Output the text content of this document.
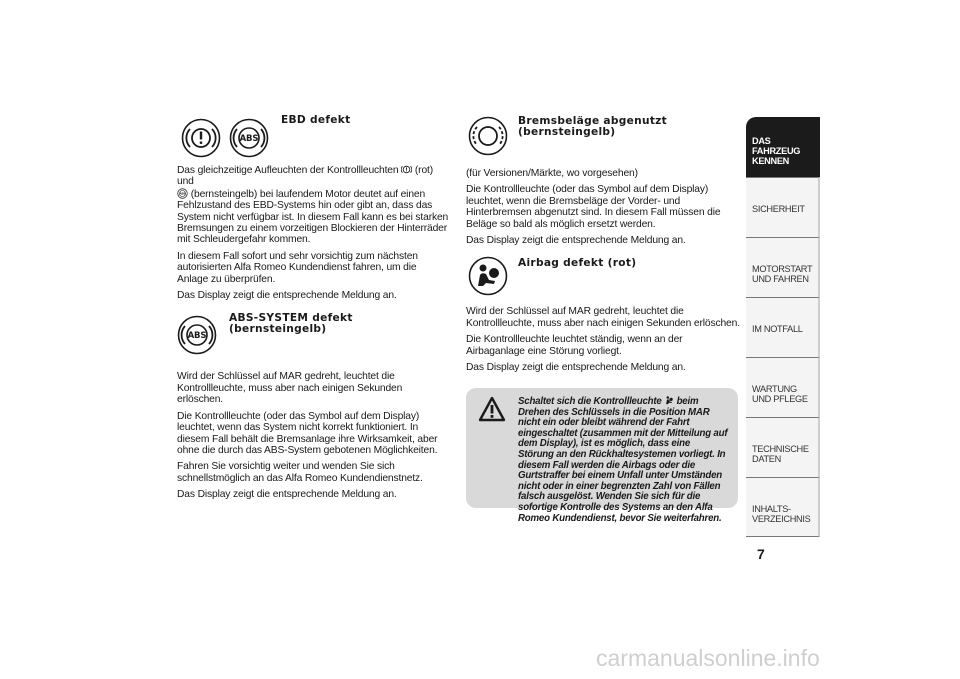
ABS
EBD defekt

Das gleichzeitige Aufleuchten der Kontrollleuchten (rot) und

ABS (bernsteingelb) bei laufendem Motor deutet auf einen Fehlzustand des EBD-Systems hin oder gibt an, dass das System nicht verfügbar ist. In diesem Fall kann es bei starken Bremsungen zu einem vorzeitigen Blockieren der Hinterräder mit Schleudergefahr kommen.

In diesem Fall sofort und sehr vorsichtig zum nächsten autorisierten Alfa Romeo Kundendienst fahren, um die Anlage zu überprüfen.

Das Display zeigt die entsprechende Meldung an.

ABS
ABS-SYSTEM defekt
(bernsteingelb)

Wird der Schlüssel auf MAR gedreht, leuchtet die Kontrollleuchte, muss aber nach einigen Sekunden erlöschen.

Die Kontrollleuchte (oder das Symbol auf dem Display) leuchtet, wenn das System nicht korrekt funktioniert. In diesem Fall behält die Bremsanlage ihre Wirksamkeit, aber ohne die durch das ABS-System gebotenen Möglichkeiten.

Fahren Sie vorsichtig weiter und wenden Sie sich schnellstmöglich an das Alfa Romeo Kundendienstnetz.

Das Display zeigt die entsprechende Meldung an.

Bremsbeläge abgenutzt
(bernsteingelb)

(für Versionen/Märkte, wo vorgesehen)

Die Kontrollleuchte (oder das Symbol auf dem Display) leuchtet, wenn die Bremsbeläge der Vorder- und Hinterbremsen abgenutzt sind. In diesem Fall müssen die Beläge so bald als möglich ersetzt werden.

Das Display zeigt die entsprechende Meldung an.

Airbag defekt (rot)

Wird der Schlüssel auf MAR gedreht, leuchtet die Kontrollleuchte, muss aber nach einigen Sekunden erlöschen.

Die Kontrollleuchte leuchtet ständig, wenn an der Airbaganlage eine Störung vorliegt.

Das Display zeigt die entsprechende Meldung an.

Schaltet sich die Kontrollleuchte beim Drehen des Schlüssels in die Position MAR nicht ein oder bleibt während der Fahrt eingeschaltet (zusammen mit der Mitteilung auf dem Display), ist es möglich, dass eine Störung an den Rückhaltesystemen vorliegt. In diesem Fall werden die Airbags oder die Gurtstraffer bei einem Unfall unter Umständen nicht oder in einer begrenzten Zahl von Fällen falsch ausgelöst. Wenden Sie sich für die sofortige Kontrolle des Systems an den Alfa Romeo Kundendienst, bevor Sie weiterfahren.
DAS FAHRZEUG KENNEN
SICHERHEIT
MOTORSTART UND FAHREN
IM NOTFALL
WARTUNG UND PFLEGE
TECHNISCHE DATEN
INHALTS-VERZEICHNIS
7
carmanualsonline.info
